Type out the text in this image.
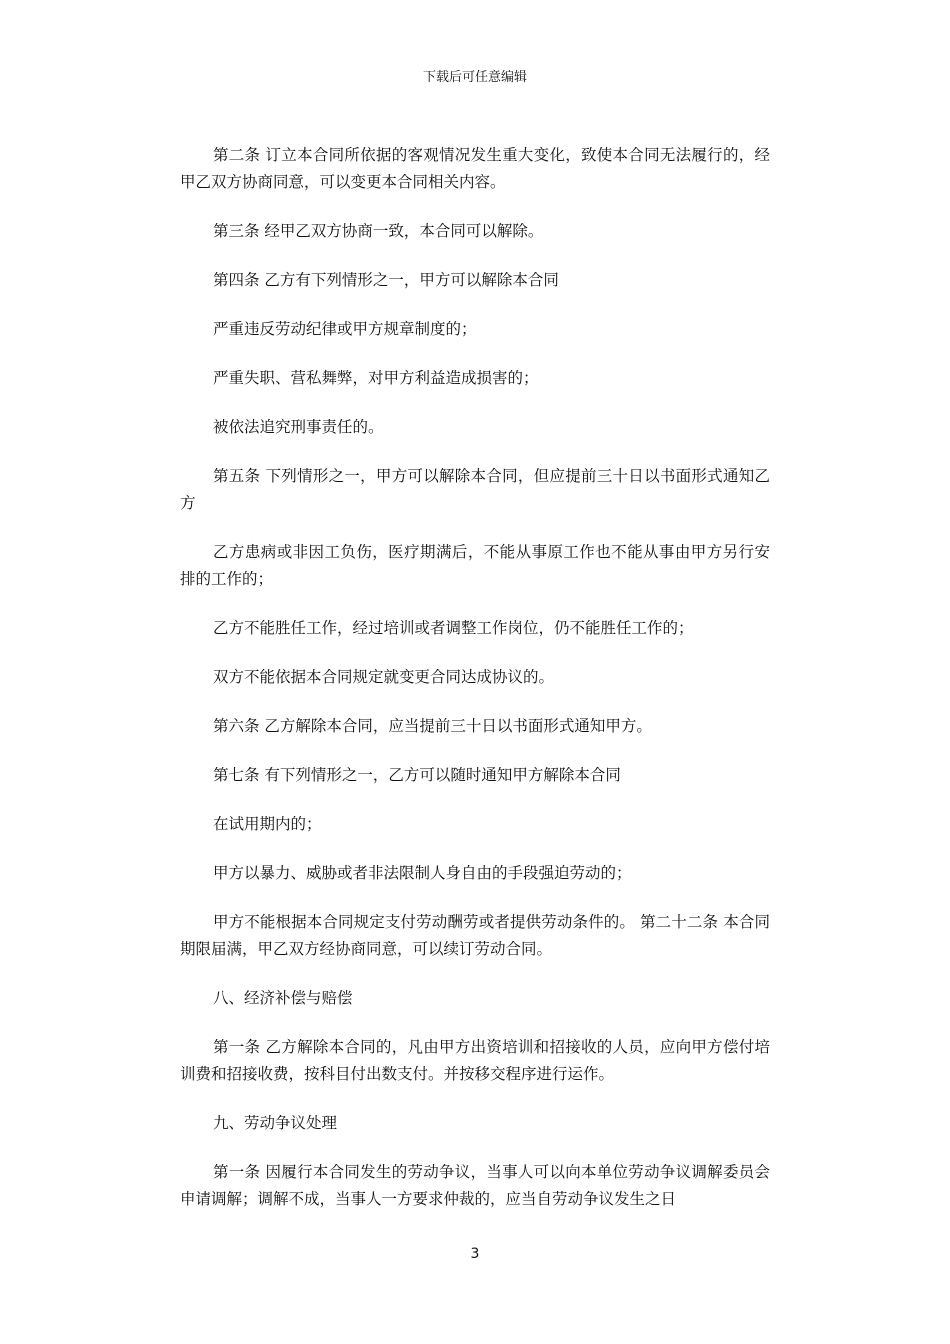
下载后可任意编辑

第二条 订立本合同所依据的客观情况发生重大变化，致使本合同无法履行的，经甲乙双方协商同意，可以变更本合同相关内容。

第三条 经甲乙双方协商一致，本合同可以解除。

第四条 乙方有下列情形之一，甲方可以解除本合同

严重违反劳动纪律或甲方规章制度的；

严重失职、营私舞弊，对甲方利益造成损害的；

被依法追究刑事责任的。

第五条 下列情形之一，甲方可以解除本合同，但应提前三十日以书面形式通知乙方

乙方患病或非因工负伤，医疗期满后，不能从事原工作也不能从事由甲方另行安排的工作的；

乙方不能胜任工作，经过培训或者调整工作岗位，仍不能胜任工作的；

双方不能依据本合同规定就变更合同达成协议的。

第六条 乙方解除本合同，应当提前三十日以书面形式通知甲方。

第七条 有下列情形之一，乙方可以随时通知甲方解除本合同

在试用期内的；

甲方以暴力、威胁或者非法限制人身自由的手段强迫劳动的；

甲方不能根据本合同规定支付劳动酬劳或者提供劳动条件的。 第二十二条 本合同期限届满，甲乙双方经协商同意，可以续订劳动合同。

八、经济补偿与赔偿

第一条 乙方解除本合同的，凡由甲方出资培训和招接收的人员，应向甲方偿付培训费和招接收费，按科目付出数支付。并按移交程序进行运作。

九、劳动争议处理

第一条 因履行本合同发生的劳动争议，当事人可以向本单位劳动争议调解委员会申请调解；调解不成，当事人一方要求仲裁的，应当自劳动争议发生之日

3
